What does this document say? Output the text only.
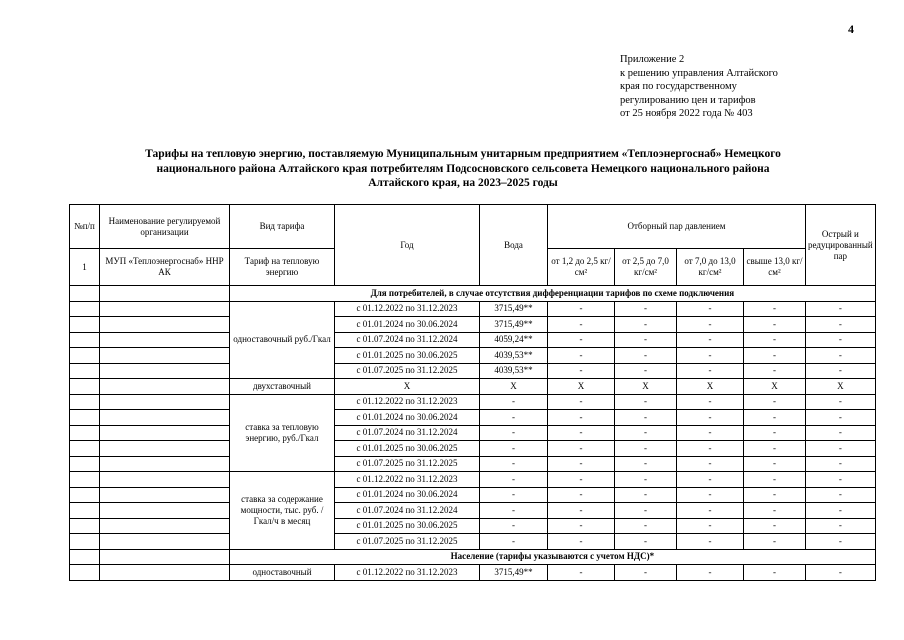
4
Приложение 2
к решению управления Алтайского
края по государственному
регулированию цен и тарифов
от 25 ноября 2022 года № 403
Тарифы на тепловую энергию, поставляемую Муниципальным унитарным предприятием «Теплоэнергоснаб» Немецкого
национального района Алтайского края потребителям Подсосновского сельсовета Немецкого национального района
Алтайского края, на 2023–2025 годы
№п/п	Наименование регулируемой организации	Вид тарифа	Год	Вода	Отборный пар давлением				Острый и редуцированный пар
1	МУП «Теплоэнергоснаб» ННР АК	Тариф на тепловую энергию			от 1,2 до 2,5 кг/см²	от 2,5 до 7,0 кг/см²	от 7,0 до 13,0 кг/см²	свыше 13,0 кг/см²	
		Для потребителей, в случае отсутствия дифференциации тарифов по схеме подключения							
		одноставочный руб./Гкал	с 01.12.2022 по 31.12.2023	3715,49**	-	-	-	-	-
			с 01.01.2024 по 30.06.2024	3715,49**	-	-	-	-	-
			с 01.07.2024 по 31.12.2024	4059,24**	-	-	-	-	-
			с 01.01.2025 по 30.06.2025	4039,53**	-	-	-	-	-
			с 01.07.2025 по 31.12.2025	4039,53**	-	-	-	-	-
		двухставочный	Х	Х	Х	Х	Х	Х	Х
		ставка за тепловую энергию, руб./Гкал	с 01.12.2022 по 31.12.2023	-	-	-	-	-	-
			с 01.01.2024 по 30.06.2024	-	-	-	-	-	-
			с 01.07.2024 по 31.12.2024	-	-	-	-	-	-
			с 01.01.2025 по 30.06.2025	-	-	-	-	-	-
			с 01.07.2025 по 31.12.2025	-	-	-	-	-	-
		ставка за содержание мощности, тыс. руб. /Гкал/ч в месяц	с 01.12.2022 по 31.12.2023	-	-	-	-	-	-
			с 01.01.2024 по 30.06.2024	-	-	-	-	-	-
			с 01.07.2024 по 31.12.2024	-	-	-	-	-	-
			с 01.01.2025 по 30.06.2025	-	-	-	-	-	-
			с 01.07.2025 по 31.12.2025	-	-	-	-	-	-
		Население (тарифы указываются с учетом НДС)*							
		одноставочный	с 01.12.2022 по 31.12.2023	3715,49**	-	-	-	-	-
